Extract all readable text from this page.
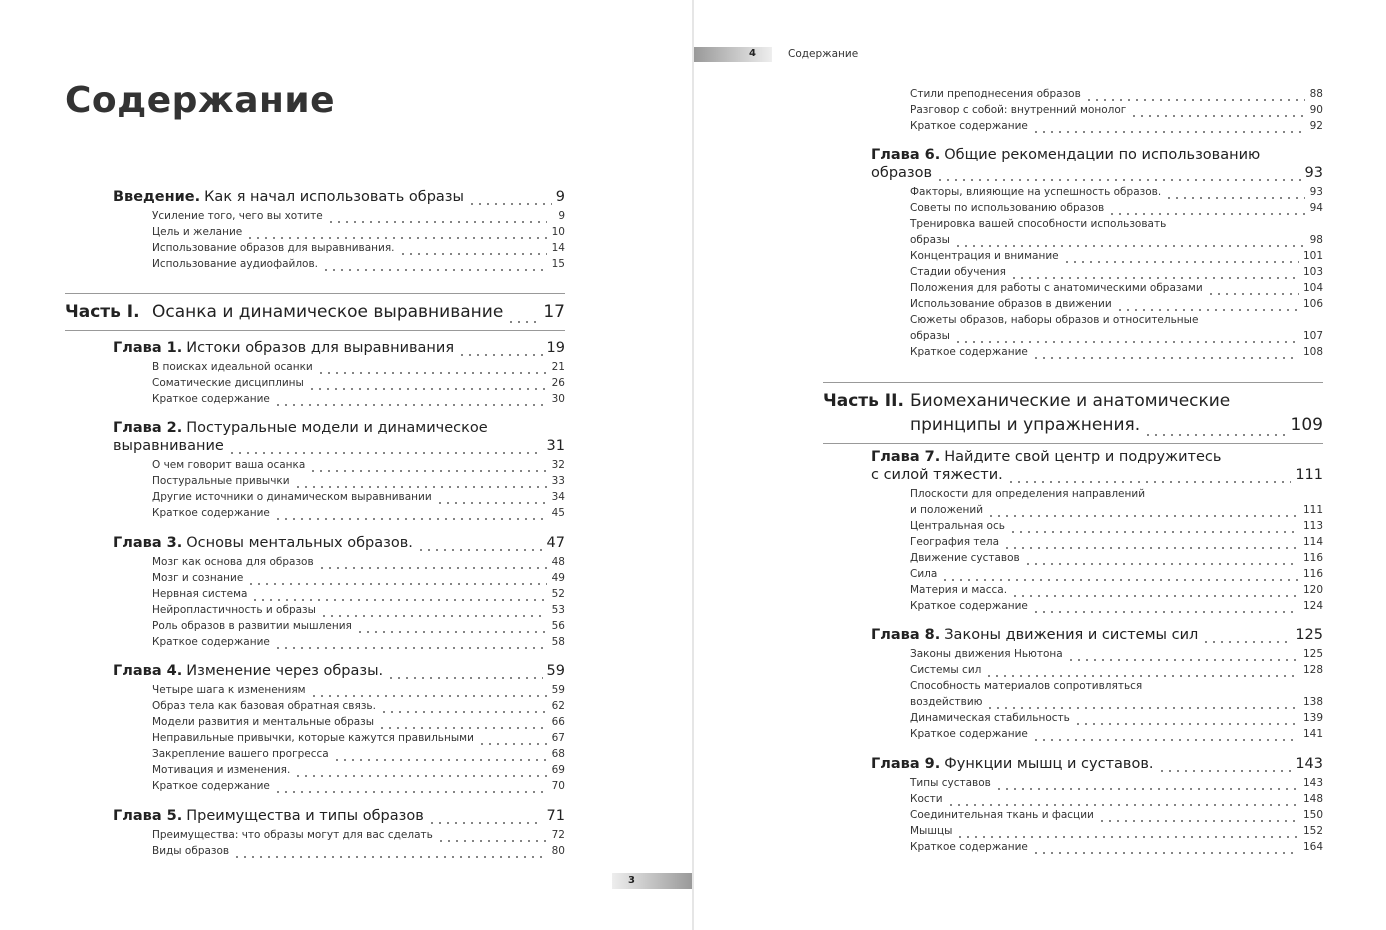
Содержание
3
Введение. Как я начал использовать образы	9
Усиление того, чего вы хотите	9
Цель и желание	10
Использование образов для выравнивания.	14
Использование аудиофайлов.	15
Часть I. Осанка и динамическое выравнивание 17
Глава 1. Истоки образов для выравнивания	19
В поисках идеальной осанки	21
Соматические дисциплины	26
Краткое содержание	30
Глава 2. Постуральные модели и динамическое
выравнивание	31
О чем говорит ваша осанка	32
Постуральные привычки	33
Другие источники о динамическом выравнивании	34
Краткое содержание	45
Глава 3. Основы ментальных образов.	47
Мозг как основа для образов	48
Мозг и сознание	49
Нервная система	52
Нейропластичность и образы	53
Роль образов в развитии мышления	56
Краткое содержание	58
Глава 4. Изменение через образы.	59
Четыре шага к изменениям	59
Образ тела как базовая обратная связь.	62
Модели развития и ментальные образы	66
Неправильные привычки, которые кажутся правильными	67
Закрепление вашего прогресса	68
Мотивация и изменения.	69
Краткое содержание	70
Глава 5. Преимущества и типы образов	71
Преимущества: что образы могут для вас сделать	72
Виды образов	80
4	Содержание
Стили преподнесения образов	88
Разговор с собой: внутренний монолог	90
Краткое содержание	92
Глава 6. Общие рекомендации по использованию
образов	93
Факторы, влияющие на успешность образов.	93
Советы по использованию образов	94
Тренировка вашей способности использовать
образы	98
Концентрация и внимание	101
Стадии обучения	103
Положения для работы с анатомическими образами	104
Использование образов в движении	106
Сюжеты образов, наборы образов и относительные
образы	107
Краткое содержание	108
Часть II. Биомеханические и анатомические
принципы и упражнения.	109
Глава 7. Найдите свой центр и подружитесь
с силой тяжести.	111
Плоскости для определения направлений
и положений	111
Центральная ось	113
География тела	114
Движение суставов	116
Сила	116
Материя и масса.	120
Краткое содержание	124
Глава 8. Законы движения и системы сил	125
Законы движения Ньютона	125
Системы сил	128
Способность материалов сопротивляться
воздействию	138
Динамическая стабильность	139
Краткое содержание	141
Глава 9. Функции мышц и суставов.	143
Типы суставов	143
Кости	148
Соединительная ткань и фасции	150
Мышцы	152
Краткое содержание	164
